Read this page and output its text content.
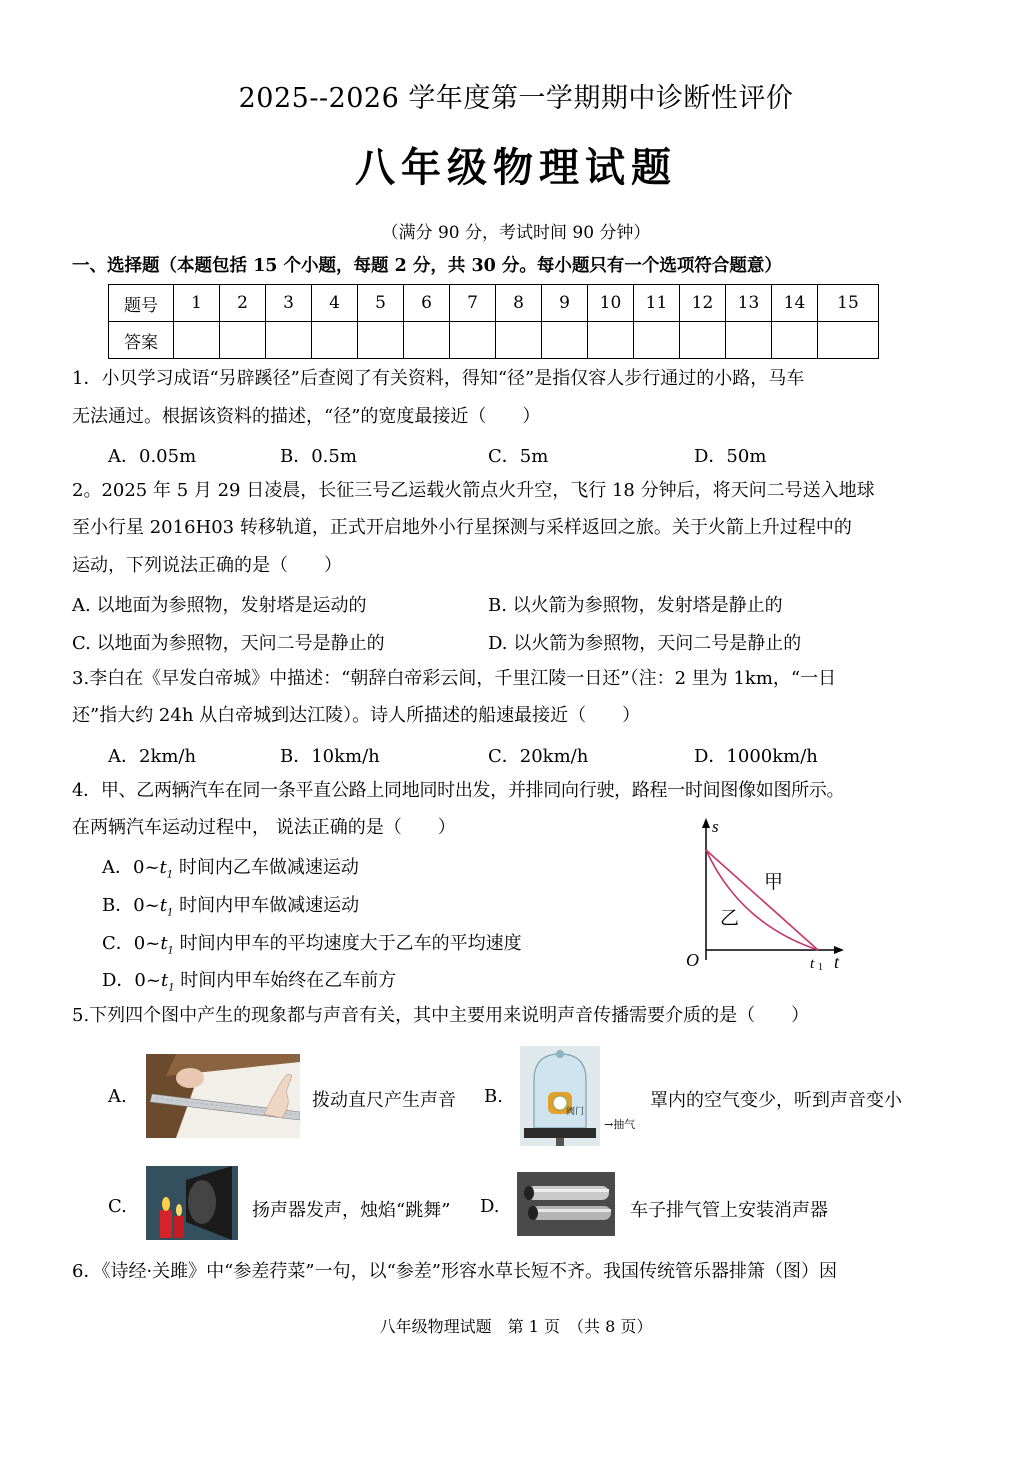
2025--2026 学年度第一学期期中诊断性评价
八年级物理试题
（满分 90 分，考试时间 90 分钟）
一、选择题（本题包括 15 个小题，每题 2 分，共 30 分。每小题只有一个选项符合题意）
题号	1	2	3	4	5	6	7	8	9	10	11	12	13	14	15
答案															
1．小贝学习成语“另辟蹊径”后查阅了有关资料，得知“径”是指仅容人步行通过的小路，马车
无法通过。根据该资料的描述，“径”的宽度最接近（　　）
A．0.05m	B．0.5m	C．5m	D．50m
2。2025 年 5 月 29 日凌晨，长征三号乙运载火箭点火升空，飞行 18 分钟后，将天问二号送入地球
至小行星 2016H03 转移轨道，正式开启地外小行星探测与采样返回之旅。关于火箭上升过程中的
运动，下列说法正确的是（　　）
A. 以地面为参照物，发射塔是运动的	B. 以火箭为参照物，发射塔是静止的
C. 以地面为参照物，天问二号是静止的	D. 以火箭为参照物，天问二号是静止的
3.李白在《早发白帝城》中描述：“朝辞白帝彩云间，千里江陵一日还”（注：2 里为 1km，“一日
还”指大约 24h 从白帝城到达江陵）。诗人所描述的船速最接近（　　）
A．2km/h	B．10km/h	C．20km/h	D．1000km/h
4．甲、乙两辆汽车在同一条平直公路上同地同时出发，并排同向行驶，路程一时间图像如图所示。
在两辆汽车运动过程中， 说法正确的是（　　）
A．$0\sim t_1$ 时间内乙车做减速运动
B．$0\sim t_1$ 时间内甲车做减速运动
C．$0\sim t_1$ 时间内甲车的平均速度大于乙车的平均速度
D．$0\sim t_1$ 时间内甲车始终在乙车前方
s
t
O	t 1
甲
乙
5.下列四个图中产生的现象都与声音有关，其中主要用来说明声音传播需要介质的是（　　）
A.	拨动直尺产生声音 B.
阀门
→抽气
罩内的空气变少，听到声音变小
C.	扬声器发声，烛焰“跳舞” D.	车子排气管上安装消声器
6．《诗经·关雎》中“参差荇菜”一句，以“参差”形容水草长短不齐。我国传统管乐器排箫（图）因
八年级物理试题　第 1 页　（共 8 页）
